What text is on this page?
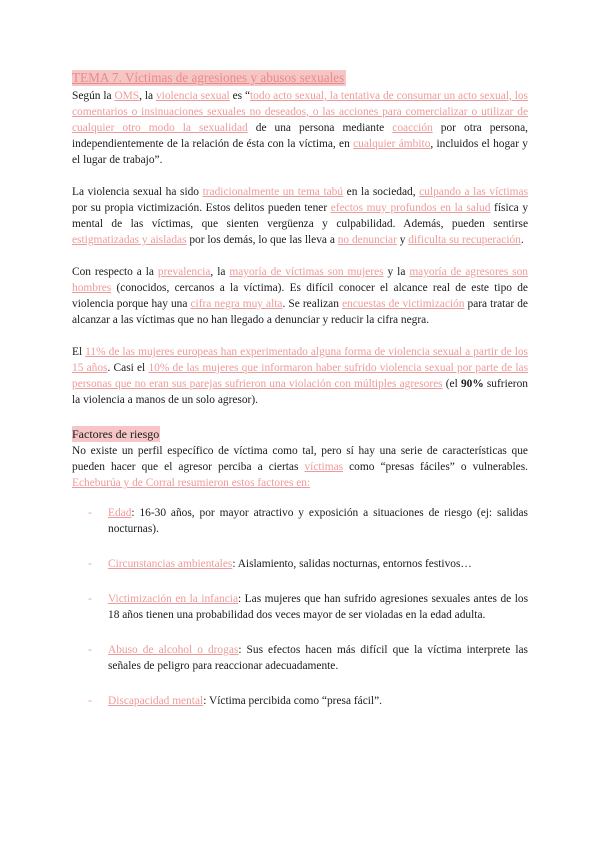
TEMA 7. Víctimas de agresiones y abusos sexuales

Según la OMS, la violencia sexual es “todo acto sexual, la tentativa de consumar un acto sexual, los comentarios o insinuaciones sexuales no deseados, o las acciones para comercializar o utilizar de cualquier otro modo la sexualidad de una persona mediante coacción por otra persona, independientemente de la relación de ésta con la víctima, en cualquier ámbito, incluidos el hogar y el lugar de trabajo”.

La violencia sexual ha sido tradicionalmente un tema tabú en la sociedad, culpando a las víctimas por su propia victimización. Estos delitos pueden tener efectos muy profundos en la salud física y mental de las víctimas, que sienten vergüenza y culpabilidad. Además, pueden sentirse estigmatizadas y aisladas por los demás, lo que las lleva a no denunciar y dificulta su recuperación.

Con respecto a la prevalencia, la mayoría de víctimas son mujeres y la mayoría de agresores son hombres (conocidos, cercanos a la víctima). Es difícil conocer el alcance real de este tipo de violencia porque hay una cifra negra muy alta. Se realizan encuestas de victimización para tratar de alcanzar a las víctimas que no han llegado a denunciar y reducir la cifra negra.

El 11% de las mujeres europeas han experimentado alguna forma de violencia sexual a partir de los 15 años. Casi el 10% de las mujeres que informaron haber sufrido violencia sexual por parte de las personas que no eran sus parejas sufrieron una violación con múltiples agresores (el 90% sufrieron la violencia a manos de un solo agresor).

Factores de riesgo

No existe un perfil específico de víctima como tal, pero sí hay una serie de características que pueden hacer que el agresor perciba a ciertas víctimas como “presas fáciles” o vulnerables. Echeburúa y de Corral resumieron estos factores en:

- Edad: 16-30 años, por mayor atractivo y exposición a situaciones de riesgo (ej: salidas nocturnas).
- Circunstancias ambientales: Aislamiento, salidas nocturnas, entornos festivos…
- Victimización en la infancia: Las mujeres que han sufrido agresiones sexuales antes de los 18 años tienen una probabilidad dos veces mayor de ser violadas en la edad adulta.
- Abuso de alcohol o drogas: Sus efectos hacen más difícil que la víctima interprete las señales de peligro para reaccionar adecuadamente.
- Discapacidad mental: Víctima percibida como “presa fácil”.
